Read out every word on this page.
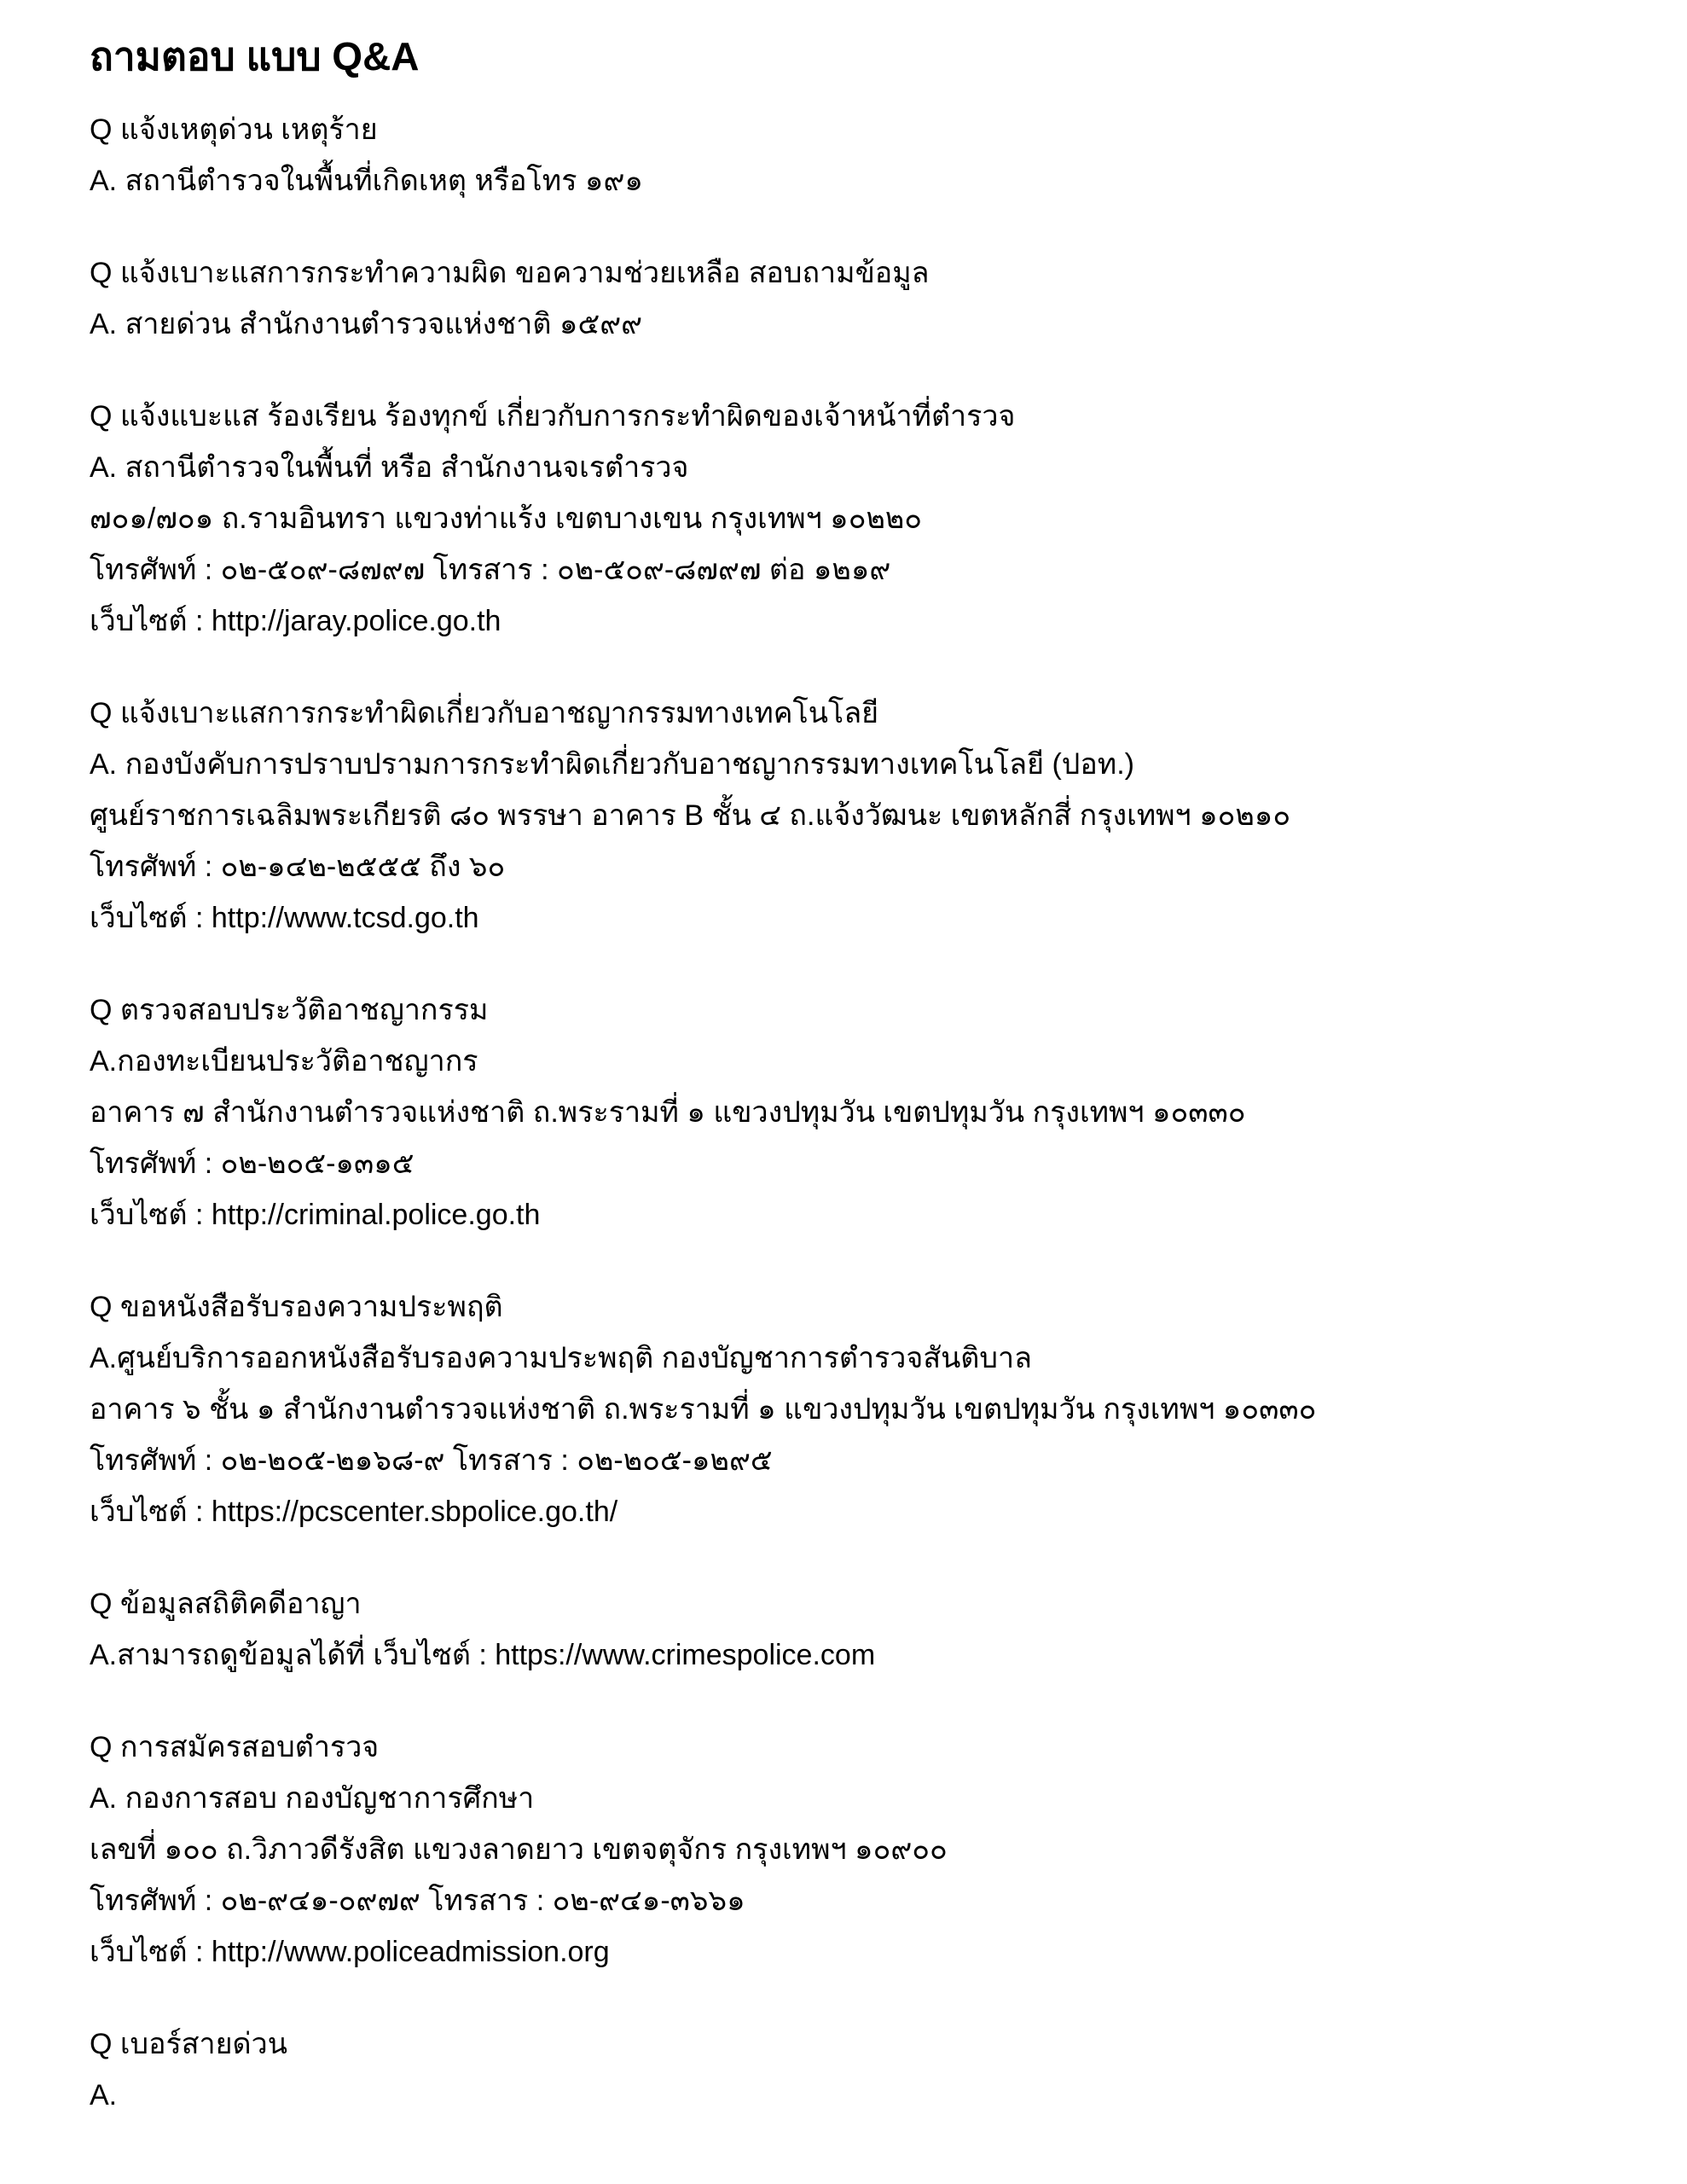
ถามตอบ แบบ Q&A

Q แจ้งเหตุด่วน เหตุร้าย

A. สถานีตำรวจในพื้นที่เกิดเหตุ หรือโทร ๑๙๑

Q แจ้งเบาะแสการกระทำความผิด ขอความช่วยเหลือ สอบถามข้อมูล

A. สายด่วน สำนักงานตำรวจแห่งชาติ ๑๕๙๙

Q แจ้งแบะแส ร้องเรียน ร้องทุกข์ เกี่ยวกับการกระทำผิดของเจ้าหน้าที่ตำรวจ

A. สถานีตำรวจในพื้นที่ หรือ สำนักงานจเรตำรวจ

๗๐๑/๗๐๑ ถ.รามอินทรา แขวงท่าแร้ง เขตบางเขน กรุงเทพฯ ๑๐๒๒๐

โทรศัพท์ : ๐๒-๕๐๙-๘๗๙๗ โทรสาร : ๐๒-๕๐๙-๘๗๙๗ ต่อ ๑๒๑๙

เว็บไซต์ : http://jaray.police.go.th

Q แจ้งเบาะแสการกระทำผิดเกี่ยวกับอาชญากรรมทางเทคโนโลยี

A. กองบังคับการปราบปรามการกระทำผิดเกี่ยวกับอาชญากรรมทางเทคโนโลยี (ปอท.)

ศูนย์ราชการเฉลิมพระเกียรติ ๘๐ พรรษา อาคาร B ชั้น ๔ ถ.แจ้งวัฒนะ เขตหลักสี่ กรุงเทพฯ ๑๐๒๑๐

โทรศัพท์ : ๐๒-๑๔๒-๒๕๕๕ ถึง ๖๐

เว็บไซต์ : http://www.tcsd.go.th

Q ตรวจสอบประวัติอาชญากรรม

A.กองทะเบียนประวัติอาชญากร

อาคาร ๗ สำนักงานตำรวจแห่งชาติ ถ.พระรามที่ ๑ แขวงปทุมวัน เขตปทุมวัน กรุงเทพฯ ๑๐๓๓๐

โทรศัพท์ : ๐๒-๒๐๕-๑๓๑๕

เว็บไซต์ : http://criminal.police.go.th

Q ขอหนังสือรับรองความประพฤติ

A.ศูนย์บริการออกหนังสือรับรองความประพฤติ กองบัญชาการตำรวจสันติบาล

อาคาร ๖ ชั้น ๑ สำนักงานตำรวจแห่งชาติ ถ.พระรามที่ ๑ แขวงปทุมวัน เขตปทุมวัน กรุงเทพฯ ๑๐๓๓๐

โทรศัพท์ : ๐๒-๒๐๕-๒๑๖๘-๙ โทรสาร : ๐๒-๒๐๕-๑๒๙๕

เว็บไซต์ : https://pcscenter.sbpolice.go.th/

Q ข้อมูลสถิติคดีอาญา

A.สามารถดูข้อมูลได้ที่ เว็บไซต์ : https://www.crimespolice.com

Q การสมัครสอบตำรวจ

A. กองการสอบ กองบัญชาการศึกษา

เลขที่ ๑๐๐ ถ.วิภาวดีรังสิต แขวงลาดยาว เขตจตุจักร กรุงเทพฯ ๑๐๙๐๐

โทรศัพท์ : ๐๒-๙๔๑-๐๙๗๙ โทรสาร : ๐๒-๙๔๑-๓๖๖๑

เว็บไซต์ : http://www.policeadmission.org

Q เบอร์สายด่วน

A.
